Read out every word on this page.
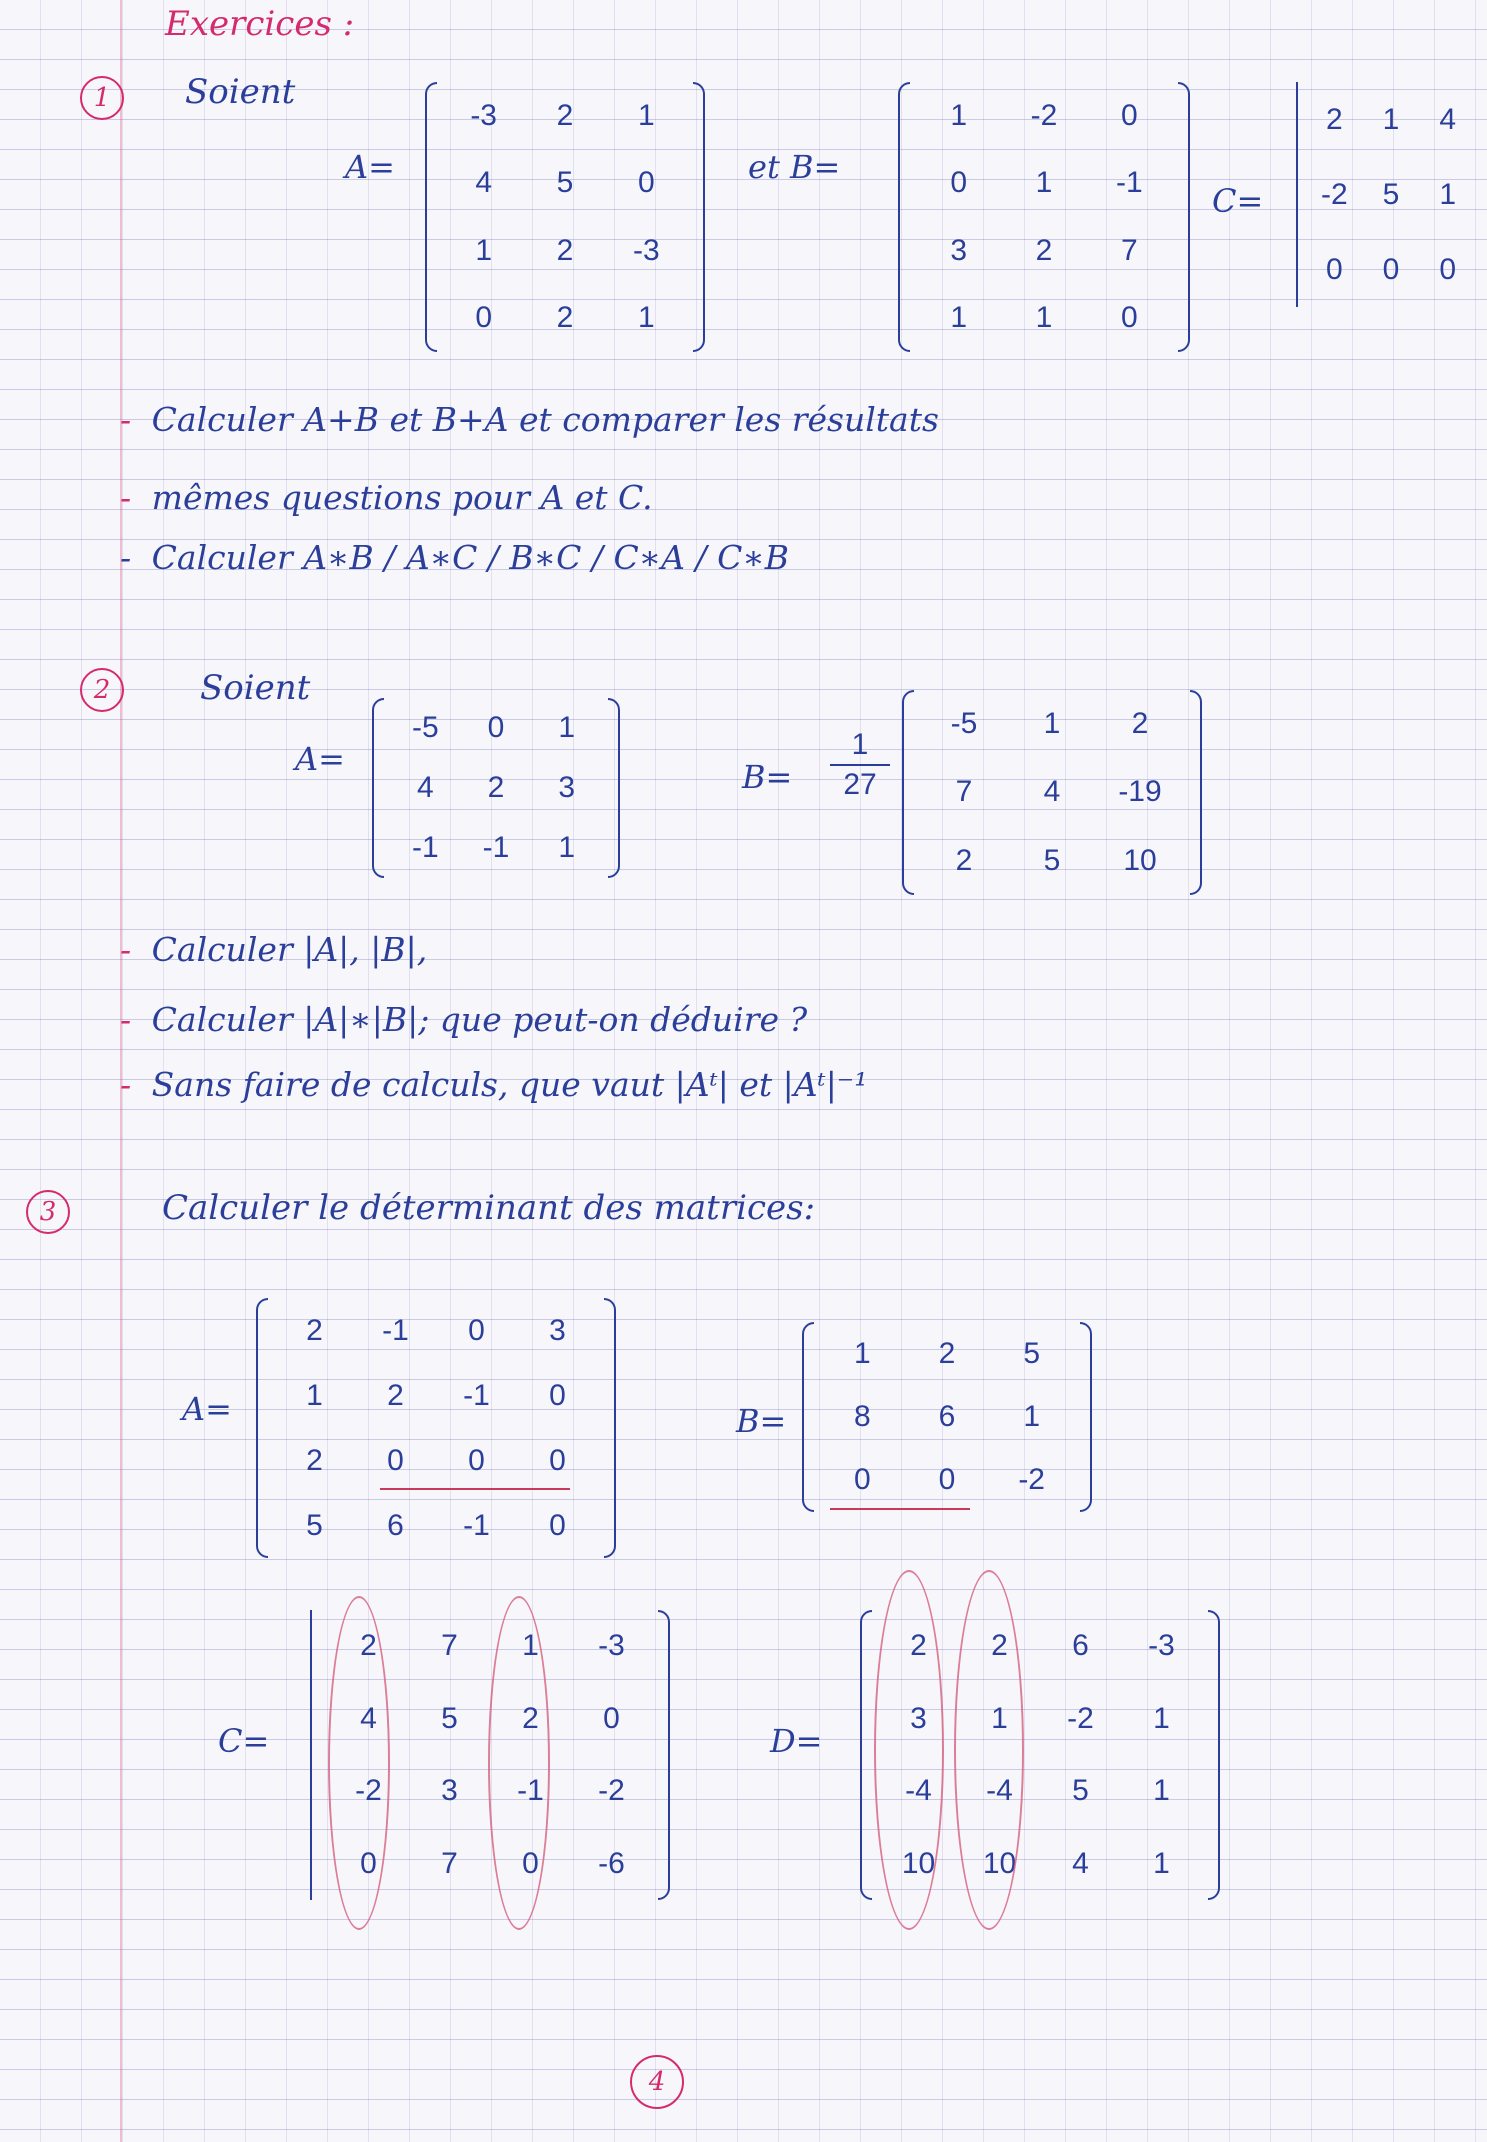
Exercices :
1	Soient
A=
-3	2	1
4	5	0
1	2	-3
0	2	1
et B=
1	-2	0
0	1	-1
3	2	7
1	1	0
C=
2	1	4
-2	5	1
0	0	0
- Calculer A+B et B+A et comparer les résultats
- mêmes questions pour A et C.
- Calculer A∗B / A∗C / B∗C / C∗A / C∗B
2	Soient
A=
-5	0	1
4	2	3
-1	-1	1
B=
1
27
-5	1	2
7	4	-19
2	5	10
- Calculer |A|, |B|,
- Calculer |A|∗|B|; que peut-on déduire ?
- Sans faire de calculs, que vaut |Aᵗ| et |Aᵗ|⁻¹
3	Calculer le déterminant des matrices:
A=
2	-1	0	3
1	2	-1	0
2	0	0	0
5	6	-1	0
B=
1	2	5
8	6	1
0	0	-2
C=
2	7	1	-3
4	5	2	0
-2	3	-1	-2
0	7	0	-6
D=
2	2	6	-3
3	1	-2	1
-4	-4	5	1
10	10	4	1
4
